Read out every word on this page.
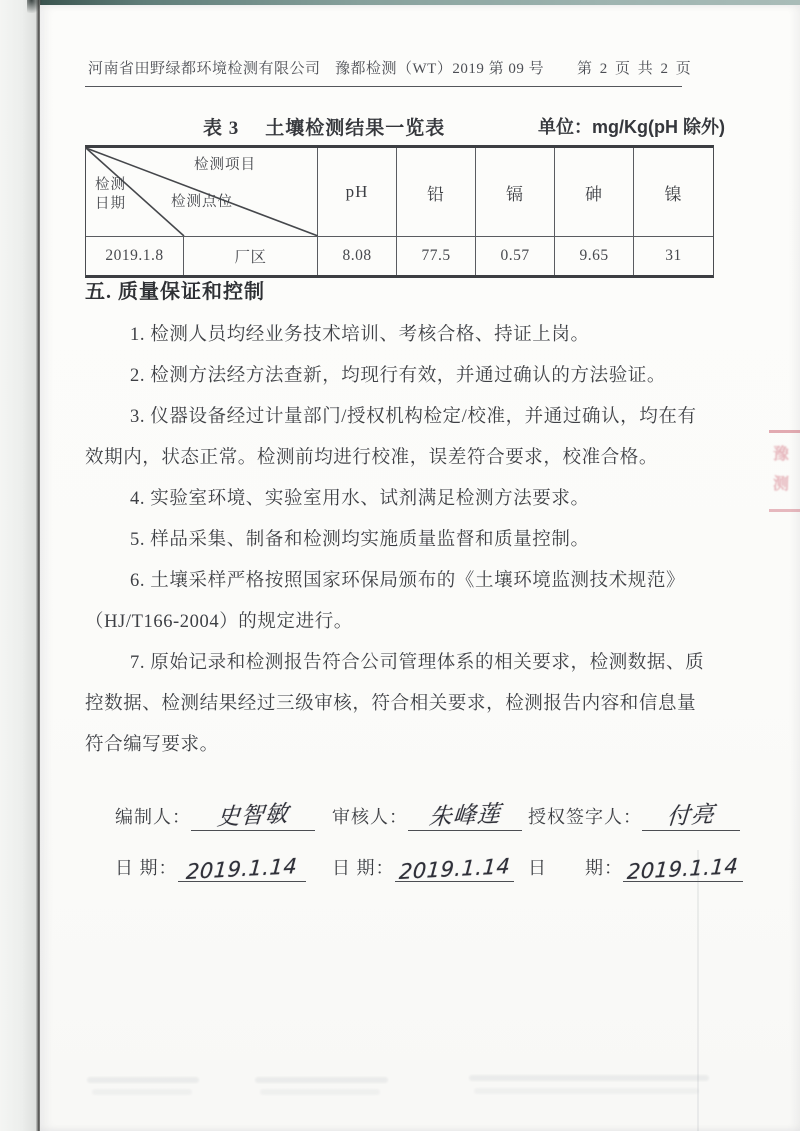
河南省田野绿都环境检测有限公司 豫都检测（WT）2019 第 09 号 第 2 页 共 2 页
表 3 土壤检测结果一览表	单位：mg/Kg(pH 除外)
检测项目
检测点位
检测
日期
pH	铅	镉	砷	镍
2019.1.8	厂区	8.08	77.5	0.57	9.65	31

五. 质量保证和控制

1. 检测人员均经业务技术培训、考核合格、持证上岗。
2. 检测方法经方法查新，均现行有效，并通过确认的方法验证。
3. 仪器设备经过计量部门/授权机构检定/校准，并通过确认，均在有
效期内，状态正常。检测前均进行校准，误差符合要求，校准合格。
4. 实验室环境、实验室用水、试剂满足检测方法要求。
5. 样品采集、制备和检测均实施质量监督和质量控制。
6. 土壤采样严格按照国家环保局颁布的《土壤环境监测技术规范》
（HJ/T166-2004）的规定进行。
7. 原始记录和检测报告符合公司管理体系的相关要求，检测数据、质
控数据、检测结果经过三级审核，符合相关要求，检测报告内容和信息量
符合编写要求。
编制人：	史智敏
日 期： 2019.1.14
审核人： 朱峰莲
日 期： 2019.1.14
授权签字人：	付亮
日　　期： 2019.1.14
豫
测
